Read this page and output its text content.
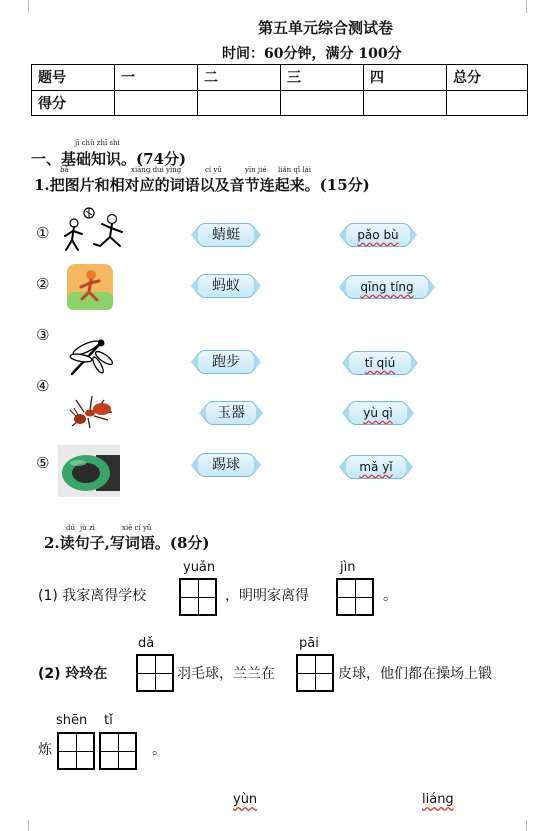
第五单元综合测试卷
时间：60分钟，满分 100分
题号	一	二	三	四	总分
得分					
jī chǔ zhī shi
一、基础知识。(74分)
bǎ	xiāng duì yìng	cí yǔ	yīn jié lián qǐ lái
1.把图片和相对应的词语以及音节连起来。(15分)
①
②
③
④
⑤
蜻蜓
蚂蚁
跑步
玉器
踢球
pǎo bù
qīng tíng
tī qiú
yù qì
mǎ yǐ
dú jù zi	xiě cí yǔ
2.读句子,写词语。(8分)
(1) 我家离得学校
yuǎn
，明明家离得
jìn
。
(2) 玲玲在
dǎ
羽毛球，兰兰在
pāi
皮球，他们都在操场上锻
炼
shēn tǐ
。
yùn	liáng
